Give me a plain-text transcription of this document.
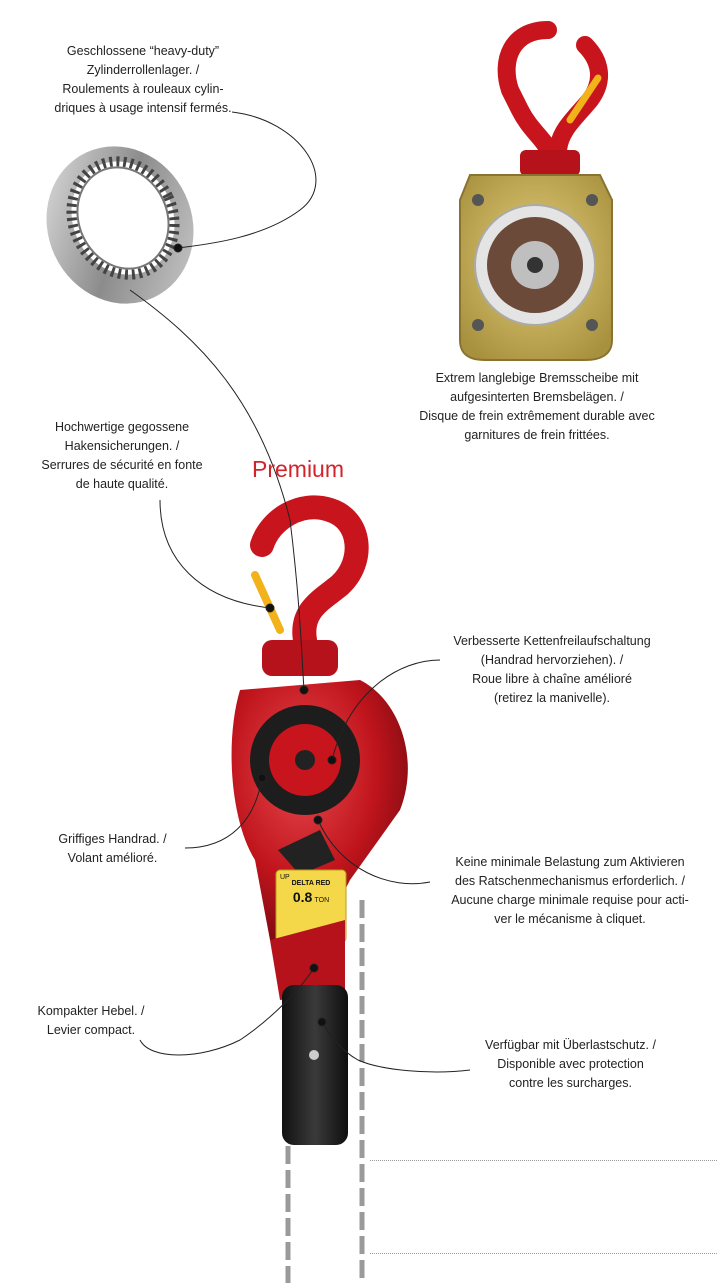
UP
DELTA RED
0.8 TON
Premium
Geschlossene “heavy-duty”
Zylinderrollenlager. /
Roulements à rouleaux cylin-
driques à usage intensif fermés.
Extrem langlebige Bremsscheibe mit
aufgesinterten Bremsbelägen. /
Disque de frein extrêmement durable avec
garnitures de frein frittées.
Hochwertige gegossene
Hakensicherungen. /
Serrures de sécurité en fonte
de haute qualité.
Verbesserte Kettenfreilaufschaltung
(Handrad hervorziehen). /
Roue libre à chaîne amélioré
(retirez la manivelle).
Griffiges Handrad. /
Volant amélioré.	Keine minimale Belastung zum Aktivieren
des Ratschenmechanismus erforderlich. /
Aucune charge minimale requise pour acti-
ver le mécanisme à cliquet.
Kompakter Hebel. /
Levier compact.
Verfügbar mit Überlastschutz. /
Disponible avec protection
contre les surcharges.
